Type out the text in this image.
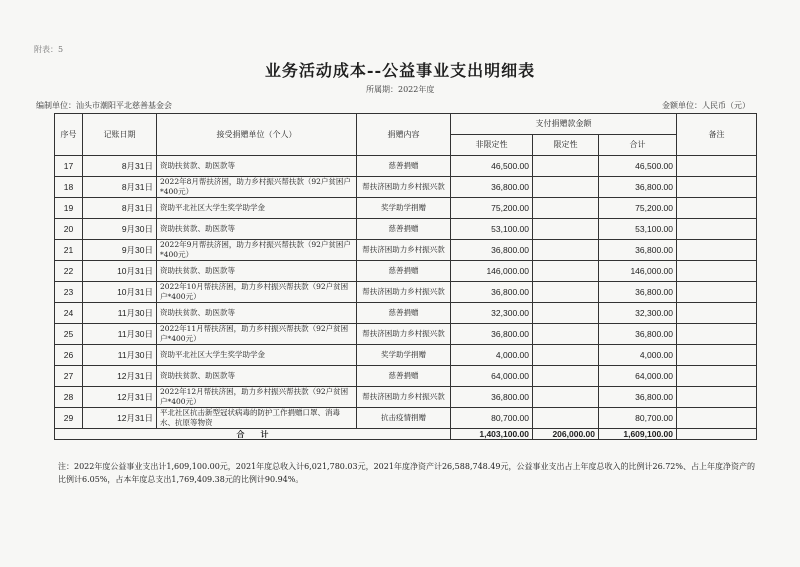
附表：5
业务活动成本--公益事业支出明细表
所属期：2022年度
编制单位：汕头市潮阳平北慈善基金会	金额单位：人民币（元）
序号	记账日期	接受捐赠单位（个人）	捐赠内容	支付捐赠款金额			备注
				非限定性	限定性	合计	
17	8月31日	资助扶贫款、助医款等	慈善捐赠	46,500.00		46,500.00	
18	8月31日	2022年8月帮扶济困，助力乡村振兴帮扶款（92户贫困户*400元）	帮扶济困助力乡村振兴款	36,800.00		36,800.00	
19	8月31日	资助平北社区大学生奖学助学金	奖学助学捐赠	75,200.00		75,200.00	
20	9月30日	资助扶贫款、助医款等	慈善捐赠	53,100.00		53,100.00	
21	9月30日	2022年9月帮扶济困，助力乡村振兴帮扶款（92户贫困户*400元）	帮扶济困助力乡村振兴款	36,800.00		36,800.00	
22	10月31日	资助扶贫款、助医款等	慈善捐赠	146,000.00		146,000.00	
23	10月31日	2022年10月帮扶济困，助力乡村振兴帮扶款（92户贫困户*400元）	帮扶济困助力乡村振兴款	36,800.00		36,800.00	
24	11月30日	资助扶贫款、助医款等	慈善捐赠	32,300.00		32,300.00	
25	11月30日	2022年11月帮扶济困，助力乡村振兴帮扶款（92户贫困户*400元）	帮扶济困助力乡村振兴款	36,800.00		36,800.00	
26	11月30日	资助平北社区大学生奖学助学金	奖学助学捐赠	4,000.00		4,000.00	
27	12月31日	资助扶贫款、助医款等	慈善捐赠	64,000.00		64,000.00	
28	12月31日	2022年12月帮扶济困，助力乡村振兴帮扶款（92户贫困户*400元）	帮扶济困助力乡村振兴款	36,800.00		36,800.00	
29	12月31日	平北社区抗击新型冠状病毒的防护工作捐赠口罩、消毒水、抗原等物资	抗击疫情捐赠	80,700.00		80,700.00	
合　　计				1,403,100.00	206,000.00	1,609,100.00	
注：2022年度公益事业支出计1,609,100.00元，2021年度总收入计6,021,780.03元，2021年度净资产计26,588,748.49元，公益事业支出占上年度总收入的比例计26.72%、占上年度净资产的比例计6.05%，占本年度总支出1,769,409.38元的比例计90.94%。
